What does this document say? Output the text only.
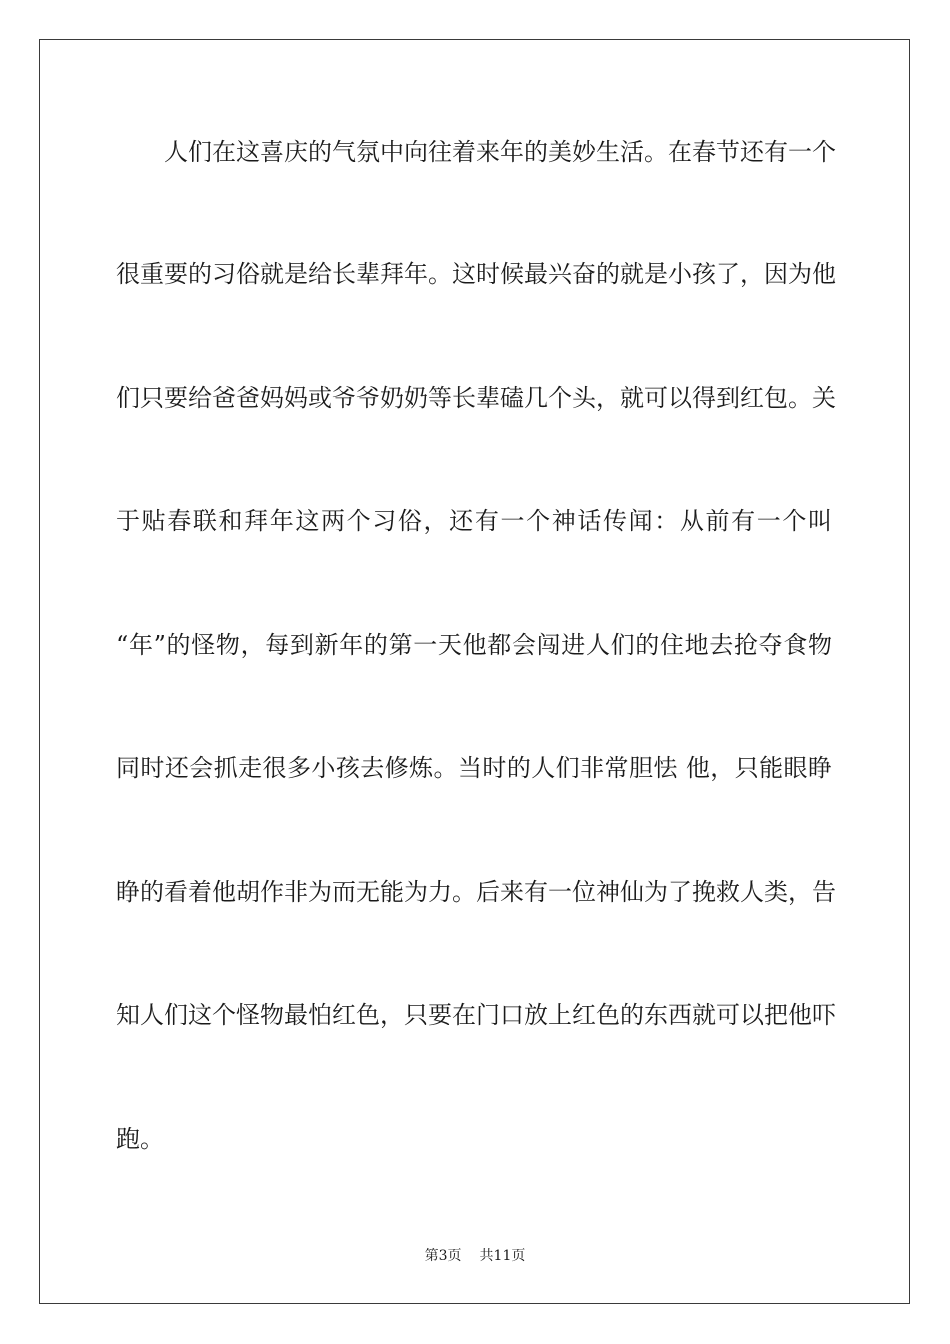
人们在这喜庆的气氛中向往着来年的美妙生活。在春节还有一个
很重要的习俗就是给长辈拜年。这时候最兴奋的就是小孩了，因为他
们只要给爸爸妈妈或爷爷奶奶等长辈磕几个头，就可以得到红包。关
于贴春联和拜年这两个习俗，还有一个神话传闻：从前有一个叫
“年”的怪物，每到新年的第一天他都会闯进人们的住地去抢夺食物
同时还会抓走很多小孩去修炼。当时的人们非常胆怯 他，只能眼睁
睁的看着他胡作非为而无能为力。后来有一位神仙为了挽救人类，告
知人们这个怪物最怕红色，只要在门口放上红色的东西就可以把他吓
跑。
第3页 共11页
